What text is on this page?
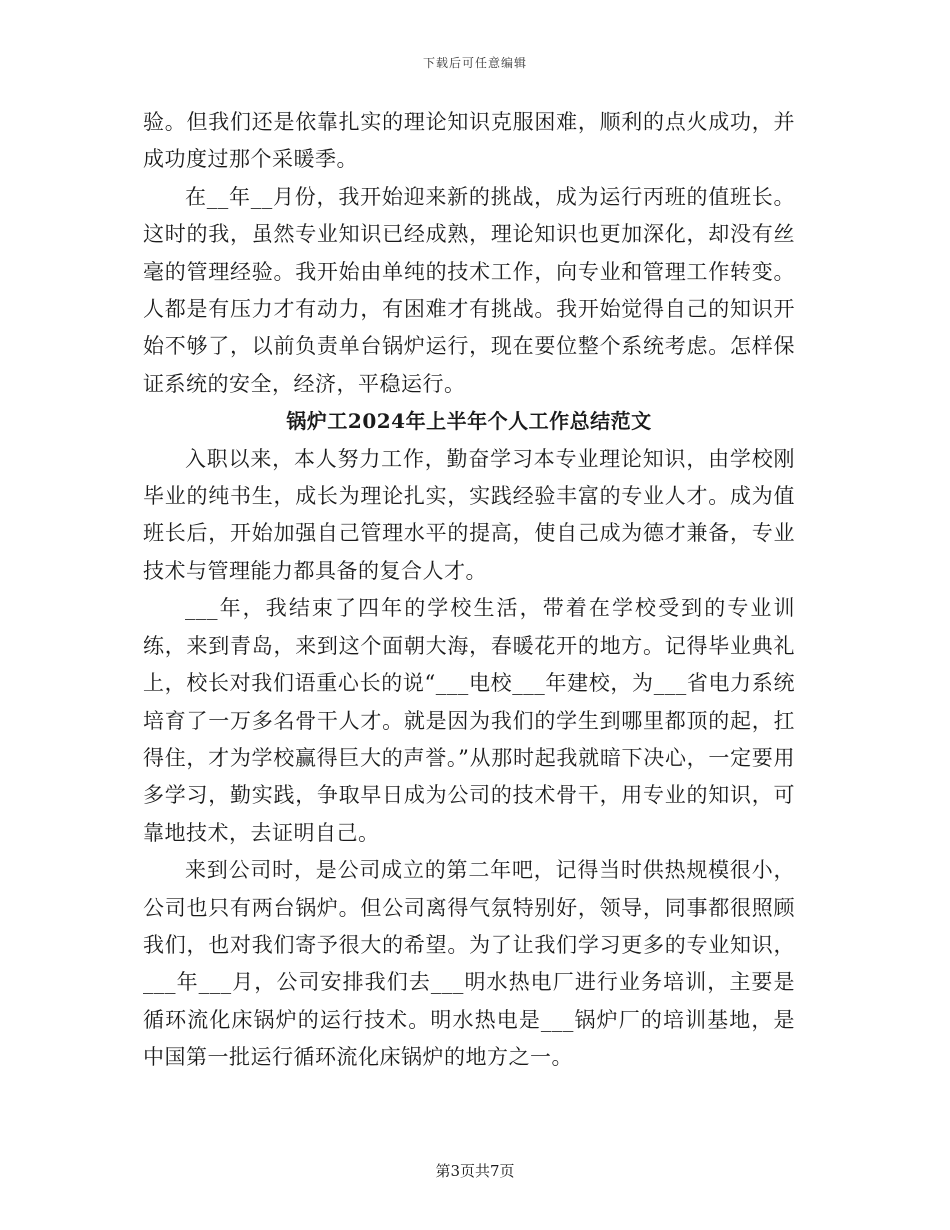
下载后可任意编辑

验。但我们还是依靠扎实的理论知识克服困难，顺利的点火成功，并成功度过那个采暖季。

在__年__月份，我开始迎来新的挑战，成为运行丙班的值班长。这时的我，虽然专业知识已经成熟，理论知识也更加深化，却没有丝毫的管理经验。我开始由单纯的技术工作，向专业和管理工作转变。人都是有压力才有动力，有困难才有挑战。我开始觉得自己的知识开始不够了，以前负责单台锅炉运行，现在要位整个系统考虑。怎样保证系统的安全，经济，平稳运行。

锅炉工2024年上半年个人工作总结范文

入职以来，本人努力工作，勤奋学习本专业理论知识，由学校刚毕业的纯书生，成长为理论扎实，实践经验丰富的专业人才。成为值班长后，开始加强自己管理水平的提高，使自己成为德才兼备，专业技术与管理能力都具备的复合人才。

___年，我结束了四年的学校生活，带着在学校受到的专业训练，来到青岛，来到这个面朝大海，春暖花开的地方。记得毕业典礼上，校长对我们语重心长的说“___电校___年建校，为___省电力系统培育了一万多名骨干人才。就是因为我们的学生到哪里都顶的起，扛得住，才为学校赢得巨大的声誉。”从那时起我就暗下决心，一定要用多学习，勤实践，争取早日成为公司的技术骨干，用专业的知识，可靠地技术，去证明自己。

来到公司时，是公司成立的第二年吧，记得当时供热规模很小，公司也只有两台锅炉。但公司离得气氛特别好，领导，同事都很照顾我们，也对我们寄予很大的希望。为了让我们学习更多的专业知识，___年___月，公司安排我们去___明水热电厂进行业务培训，主要是循环流化床锅炉的运行技术。明水热电是___锅炉厂的培训基地，是中国第一批运行循环流化床锅炉的地方之一。

第3页共7页
